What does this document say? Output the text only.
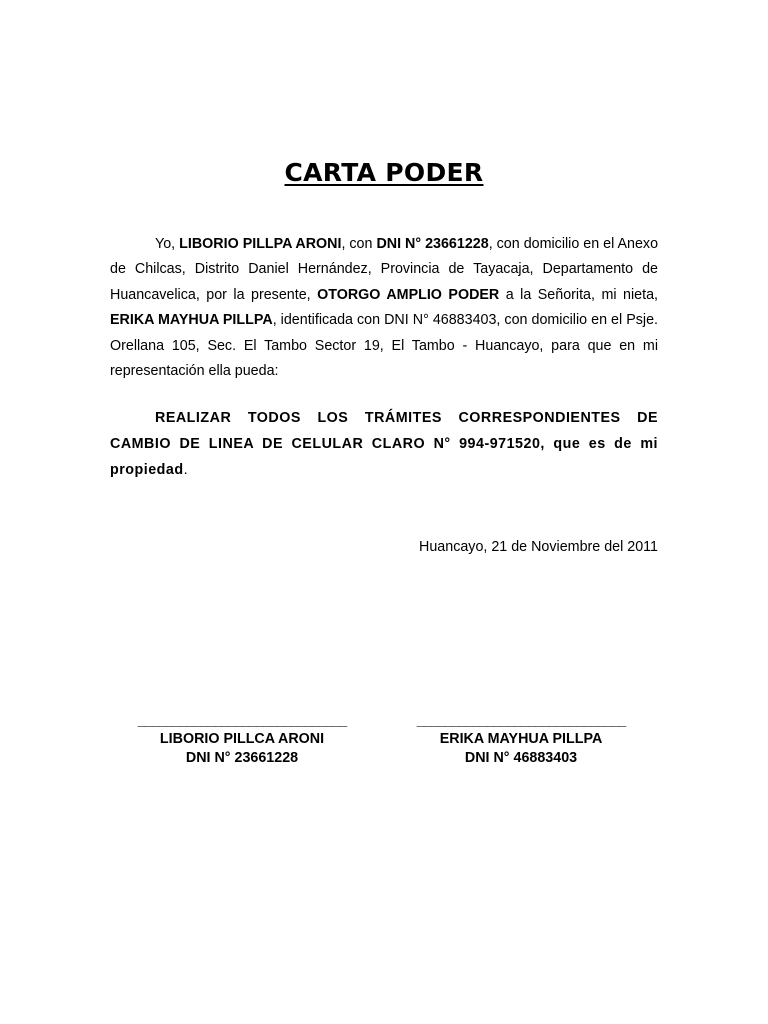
CARTA PODER

Yo, LIBORIO PILLPA ARONI, con DNI N° 23661228, con domicilio en el Anexo de Chilcas, Distrito Daniel Hernández, Provincia de Tayacaja, Departamento de Huancavelica, por la presente, OTORGO AMPLIO PODER a la Señorita, mi nieta, ERIKA MAYHUA PILLPA, identificada con DNI N° 46883403, con domicilio en el Psje. Orellana 105, Sec. El Tambo Sector 19, El Tambo - Huancayo, para que en mi representación ella pueda:

REALIZAR TODOS LOS TRÁMITES CORRESPONDIENTES DE CAMBIO DE LINEA DE CELULAR CLARO N° 994-971520, que es de mi propiedad.

Huancayo, 21 de Noviembre del 2011
______________________________
LIBORIO PILLCA ARONI
DNI N° 23661228
______________________________
ERIKA MAYHUA PILLPA
DNI N° 46883403
